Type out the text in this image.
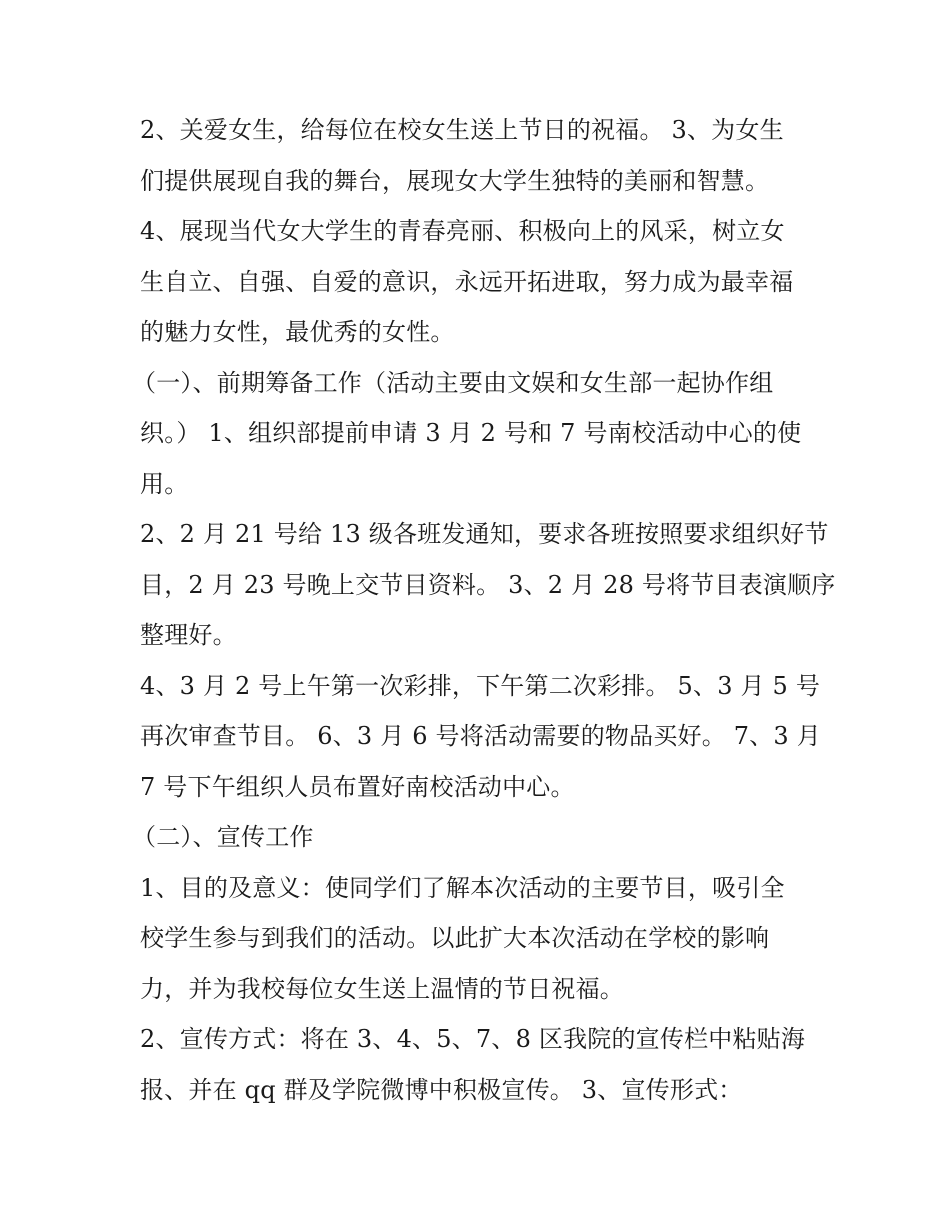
2、关爱女生，给每位在校女生送上节日的祝福。 3、为女生
们提供展现自我的舞台，展现女大学生独特的美丽和智慧。
4、展现当代女大学生的青春亮丽、积极向上的风采，树立女
生自立、自强、自爱的意识，永远开拓进取，努力成为最幸福
的魅力女性，最优秀的女性。
（一）、前期筹备工作（活动主要由文娱和女生部一起协作组
织。） 1、组织部提前申请 3 月 2 号和 7 号南校活动中心的使
用。
2、2 月 21 号给 13 级各班发通知，要求各班按照要求组织好节
目，2 月 23 号晚上交节目资料。 3、2 月 28 号将节目表演顺序
整理好。
4、3 月 2 号上午第一次彩排，下午第二次彩排。 5、3 月 5 号
再次审查节目。 6、3 月 6 号将活动需要的物品买好。 7、3 月
7 号下午组织人员布置好南校活动中心。
（二）、宣传工作
1、目的及意义：使同学们了解本次活动的主要节目，吸引全
校学生参与到我们的活动。以此扩大本次活动在学校的影响
力，并为我校每位女生送上温情的节日祝福。
2、宣传方式：将在 3、4、5、7、8 区我院的宣传栏中粘贴海
报、并在 qq 群及学院微博中积极宣传。 3、宣传形式：
